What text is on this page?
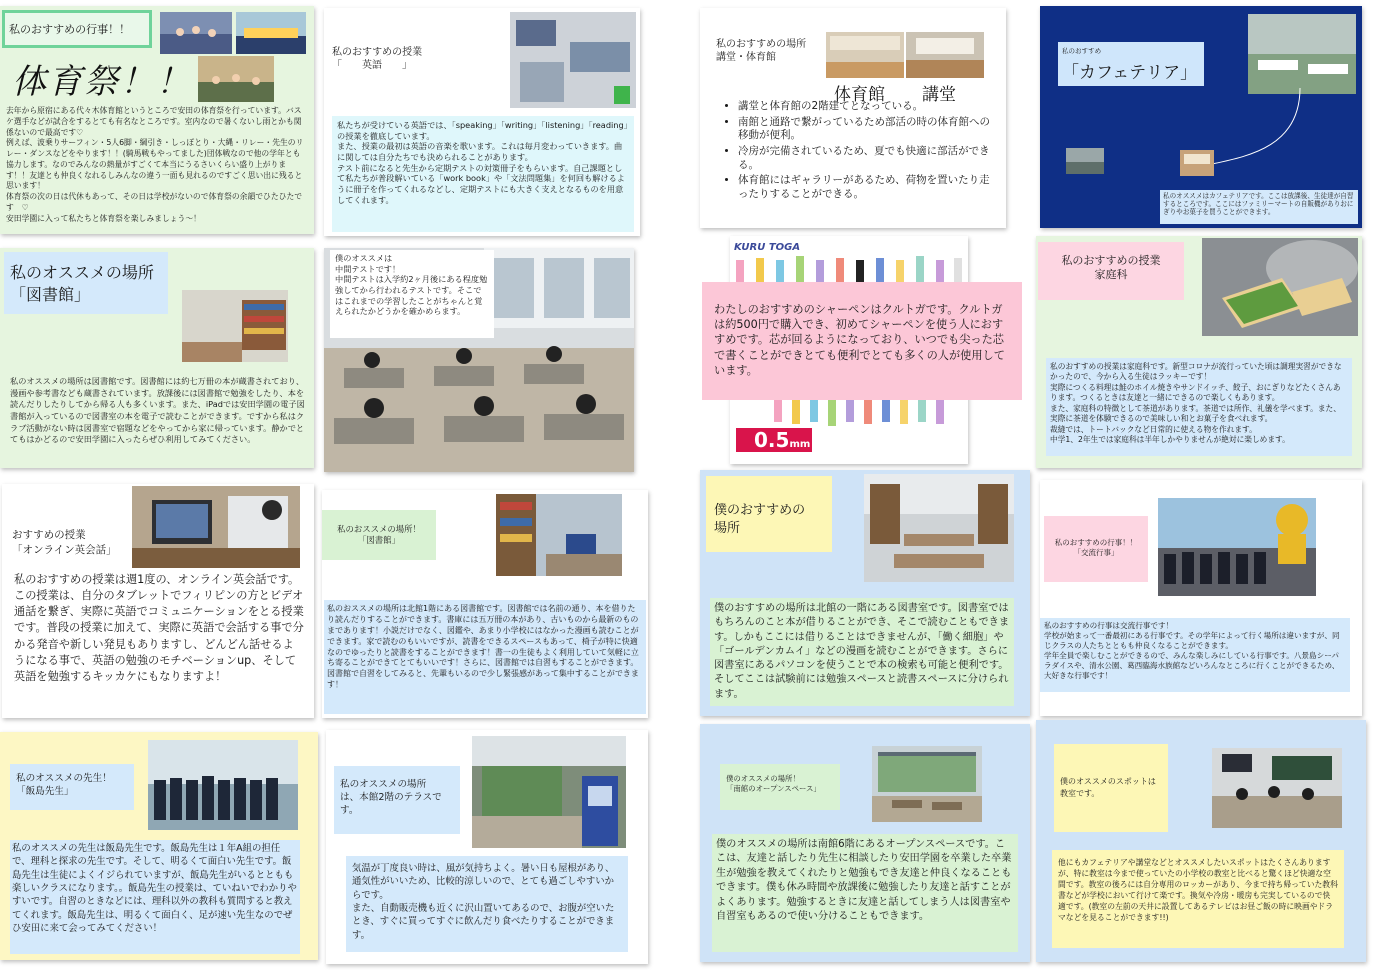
私のおすすめの行事！！
体育祭！！
去年から原宿にある代々木体育館というところで安田の体育祭を行っています。バスケ選手などが試合をするとても有名なところです。室内なので暑くないし雨とかも関係ないので最高です♡
例えば、波乗りサーフィン・5人6脚・綱引き・しっぽとり・大縄・リレー・先生のリレー・ダンスなどをやります！！(騎馬戦もやってました)団体戦なので他の学年とも協力します。なのでみんなの熱量がすごくて本当にうるさいくらい盛り上がります！！友達とも仲良くなれるしみんなの違う一面も見れるのですごく思い出に残ると思います！
体育祭の次の日は代休もあって、その日は学校がないので体育祭の余韻でひたひたです　♡
安田学園に入って私たちと体育祭を楽しみましょう～！
私のおすすめの授業
「　　英語　　」
私たちが受けている英語では、「speaking」「writing」「listening」「reading」の授業を徹底しています。
また、授業の最初は英語の音楽を歌います。これは毎月変わっていきます。曲に関しては自分たちでも決められることがあります。
テスト前になると先生から定期テストの対策冊子をもらいます。自己課題として私たちが普段解いている「work book」や「文法問題集」を何回も解けるように冊子を作ってくれるなどし、定期テストにも大きく支えとなるものを用意してくれます。
私のおすすめの場所
講堂・体育館
体育館 講堂
• 講堂と体育館の2階建てとなっている。
• 南館と通路で繋がっているため部活の時の体育館への移動が便利。
• 冷房が完備されているため、夏でも快適に部活ができる。
• 体育館にはギャラリーがあるため、荷物を置いたり走ったりすることができる。
私のおすすめ
「カフェテリア」
私のオススメはカフェテリアです。ここは放課後、生徒達が自習するところです。ここにはファミリーマートの自販機がありおにぎりやお菓子を買うことができます。
私のオススメの場所
「図書館」
私のオススメの場所は図書館です。図書館には約七万冊の本が蔵書されており、漫画や参考書なども蔵書されています。放課後には図書館で勉強をしたり、本を読んだりしたりしてから帰る人も多くいます。また、iPadでは安田学園の電子図書館が入っているので図書室の本を電子で読むことができます。ですから私はクラブ活動がない時は図書室で宿題などをやってから家に帰っています。静かでとてもはかどるので安田学園に入ったらぜひ利用してみてください。
僕のオススメは
中間テストです！
中間テストは入学約2ヶ月後にある程度勉強してから行われるテストです。そこではこれまでの学習したことがちゃんと覚えられたかどうかを確かめらます。
KURU TOGA
0.5mm
わたしのおすすめのシャーペンはクルトガです。クルトガは約500円で購入でき、初めてシャーペンを使う人におすすめです。芯が回るようになっており、いつでも尖った芯で書くことができとても便利でとても多くの人が使用しています。
私のおすすめの授業
家庭科
私のおすすめの授業は家庭科です。新型コロナが流行っていた頃は調理実習ができなかったので、今から入る生徒はラッキーです！
実際につくる料理は鮭のホイル焼きやサンドイッチ、餃子、おにぎりなどたくさんあります。つくるときは友達と一緒にできるので楽しくもあります。
また、家庭科の特徴として茶道があります。茶道では所作、礼儀を学べます。また、実際に茶道を体験できるので美味しい和とお菓子を食べれます。
裁縫では、トートバックなど日常的に使える物を作れます。
中学1、2年生では家庭科は半年しかやりませんが絶対に楽しめます。
おすすめの授業
「オンライン英会話」
私のおすすめの授業は週1度の、オンライン英会話です。この授業は、自分のタブレットでフィリピンの方とビデオ通話を繋ぎ、実際に英語でコミュニケーションをとる授業です。普段の授業に加えて、実際に英語で会話する事で分かる発音や新しい発見もありますし、どんどん話せるようになる事で、英語の勉強のモチベーションup、そして英語を勉強するキッカケにもなりますよ！
私のおススメの場所！
「図書館」
私のおススメの場所は北館1階にある図書館です。図書館では名前の通り、本を借りたり読んだりすることができます。書庫には五万冊の本があり、古いものから最新のものまであります！小説だけでなく、図鑑や、あまり小学校にはなかった漫画も読むことができます。家で読むのもいいですが、読書をできるスペースもあって、椅子が特に快適なのでゆったりと読書をすることができます！書一の生徒もよく利用していて気軽に立ち寄ることができてとてもいいです！さらに、図書館では自習もすることができます。図書館で自習をしてみると、先輩もいるので少し緊張感があって集中することができます！
僕のおすすめの
場所
僕のおすすめの場所は北館の一階にある図書室です。図書室ではもちろんのこと本が借りることができ、そこで読むこともできます。しかもここには借りることはできませんが、「働く細胞」や「ゴールデンカムイ」などの漫画を読むことができます。さらに図書室にあるパソコンを使うことで本の検索も可能と便利です。そしてここは試験前には勉強スペースと読書スペースに分けられます。
私のおすすめの行事！！
「交流行事」
私のおすすめの行事は交流行事です！
学校が始まって一番最初にある行事です。その学年によって行く場所は違いますが、同じクラスの人たちとともも仲良くなることができます。
学年全員で楽しむことができるので、みんな楽しみにしている行事です。八景島シーパラダイスや、清水公園、葛西臨海水族館などいろんなところに行くことができるため、大好きな行事です！
私のオススメの先生！
「飯島先生」
私のオススメの先生は飯島先生です。飯島先生は１年A組の担任で、理科と探求の先生です。そして、明るくて面白い先生です。飯島先生は生徒によくイジられていますが、飯島先生がいるとともも楽しいクラスになります。。飯島先生の授業は、ていねいでわかりやすいです。自習のときなどには、理科以外の教科も質問すると教えてくれます。飯島先生は、明るくて面白く、足が速い先生なのでぜひ安田に来て会ってみてください！
私のオススメの場所
は、本館2階のテラスです。
気温が丁度良い時は、風が気持ちよく。暑い日も屋根があり、通気性がいいため、比較的涼しいので、とても過ごしやすいからです。
また、自動販売機も近くに沢山置いてあるので、お腹が空いたとき、すぐに買ってすぐに飲んだり食べたりすることができます。
僕のオススメの場所！
「南館のオープンスペース」
僕のオススメの場所は南館6階にあるオープンスペースです。ここは、友達と話したり先生に相談したり安田学園を卒業した卒業生が勉強を教えてくれたりと勉強もでき友達と仲良くなることもできます。僕も休み時間や放課後に勉強したり友達と話すことがよくあります。勉強するときに友達と話してしまう人は図書室や自習室もあるので使い分けることもできます。
僕のオススメのスポットは
教室です。
他にもカフェテリアや講堂などとオススメしたいスポットはたくさんありますが、特に教室は今まで使っていたの小学校の教室と比べると驚くほど快適な空間です。教室の後ろには自分専用のロッカーがあり、今まで持ち帰っていた教科書などが学校において行けて楽です。換気や冷房・暖房も完実しているので快適です。(教室の左前の天井に設置してあるテレビはお昼ご飯の時に映画やドラマなどを見ることができます!!)
